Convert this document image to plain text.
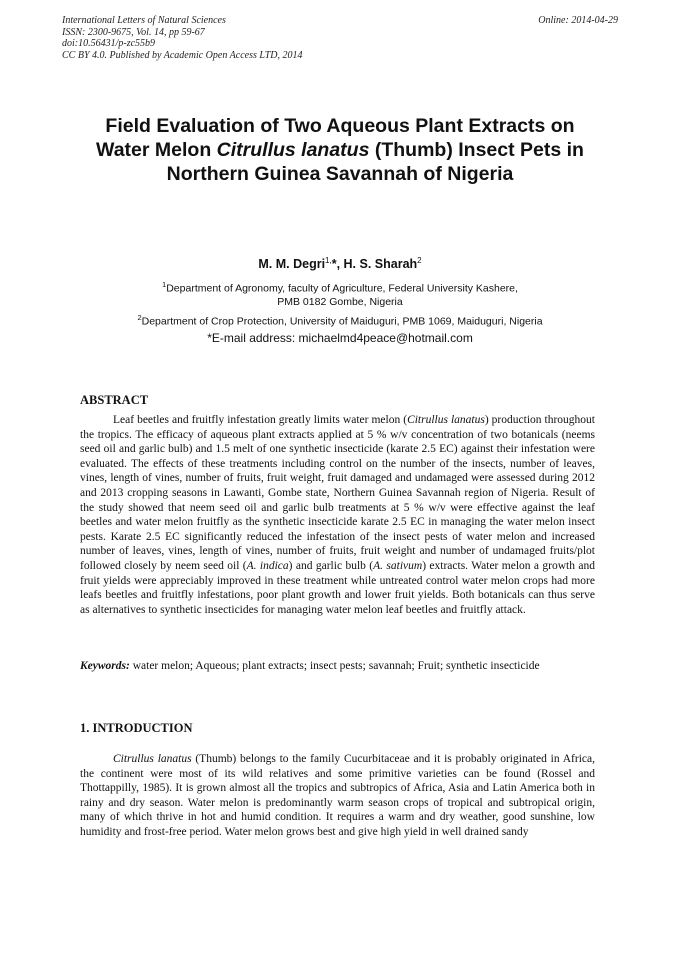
International Letters of Natural Sciences
ISSN: 2300-9675, Vol. 14, pp 59-67
doi:10.56431/p-zc55b9
CC BY 4.0. Published by Academic Open Access LTD, 2014
Online: 2014-04-29
Field Evaluation of Two Aqueous Plant Extracts on
Water Melon Citrullus lanatus (Thumb) Insect Pets in
Northern Guinea Savannah of Nigeria
M. M. Degri$^{1,}$*, H. S. Sharah$^2$
$^1$Department of Agronomy, faculty of Agriculture, Federal University Kashere,
PMB 0182 Gombe, Nigeria
$^2$Department of Crop Protection, University of Maiduguri, PMB 1069, Maiduguri, Nigeria
*E-mail address: michaelmd4peace@hotmail.com
ABSTRACT

Leaf beetles and fruitfly infestation greatly limits water melon (Citrullus lanatus) production throughout the tropics. The efficacy of aqueous plant extracts applied at 5 % w/v concentration of two botanicals (neems seed oil and garlic bulb) and 1.5 melt of one synthetic insecticide (karate 2.5 EC) against their infestation were evaluated. The effects of these treatments including control on the number of the insects, number of leaves, vines, length of vines, number of fruits, fruit weight, fruit damaged and undamaged were assessed during 2012 and 2013 cropping seasons in Lawanti, Gombe state, Northern Guinea Savannah region of Nigeria. Result of the study showed that neem seed oil and garlic bulb treatments at 5 % w/v were effective against the leaf beetles and water melon fruitfly as the synthetic insecticide karate 2.5 EC in managing the water melon insect pests. Karate 2.5 EC significantly reduced the infestation of the insect pests of water melon and increased number of leaves, vines, length of vines, number of fruits, fruit weight and number of undamaged fruits/plot followed closely by neem seed oil (A. indica) and garlic bulb (A. sativum) extracts. Water melon a growth and fruit yields were appreciably improved in these treatment while untreated control water melon crops had more leafs beetles and fruitfly infestations, poor plant growth and lower fruit yields. Both botanicals can thus serve as alternatives to synthetic insecticides for managing water melon leaf beetles and fruitfly attack.

Keywords: water melon; Aqueous; plant extracts; insect pests; savannah; Fruit; synthetic insecticide
1. INTRODUCTION

Citrullus lanatus (Thumb) belongs to the family Cucurbitaceae and it is probably originated in Africa, the continent were most of its wild relatives and some primitive varieties can be found (Rossel and Thottappilly, 1985). It is grown almost all the tropics and subtropics of Africa, Asia and Latin America both in rainy and dry season. Water melon is predominantly warm season crops of tropical and subtropical origin, many of which thrive in hot and humid condition. It requires a warm and dry weather, good sunshine, low humidity and frost-free period. Water melon grows best and give high yield in well drained sandy
